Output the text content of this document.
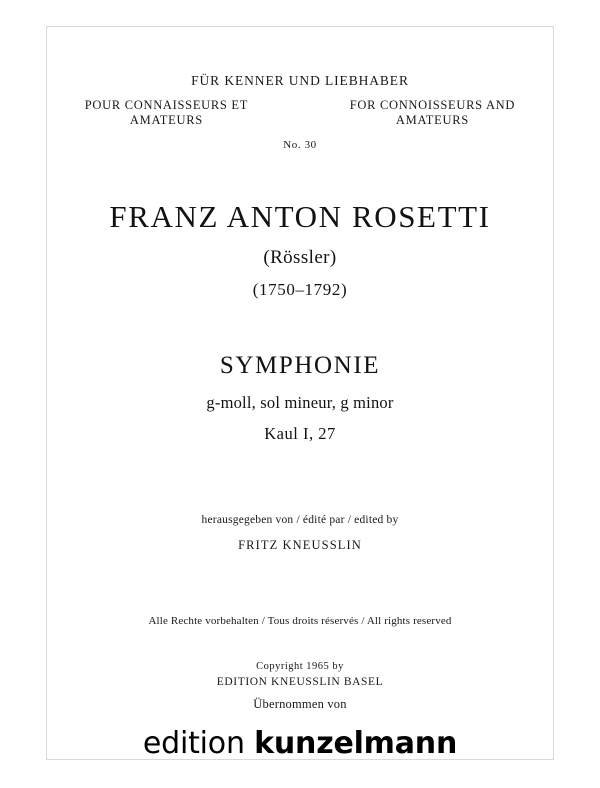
FÜR KENNER UND LIEBHABER
POUR CONNAISSEURS ET AMATEURS
FOR CONNOISSEURS AND AMATEURS
No. 30
FRANZ ANTON ROSETTI
(Rössler)
(1750–1792)
SYMPHONIE
g-moll, sol mineur, g minor
Kaul I, 27
herausgegeben von / édité par / edited by
FRITZ KNEUSSLIN
Alle Rechte vorbehalten / Tous droits réservés / All rights reserved
Copyright 1965 by
EDITION KNEUSSLIN BASEL
Übernommen von
edition kunzelmann
